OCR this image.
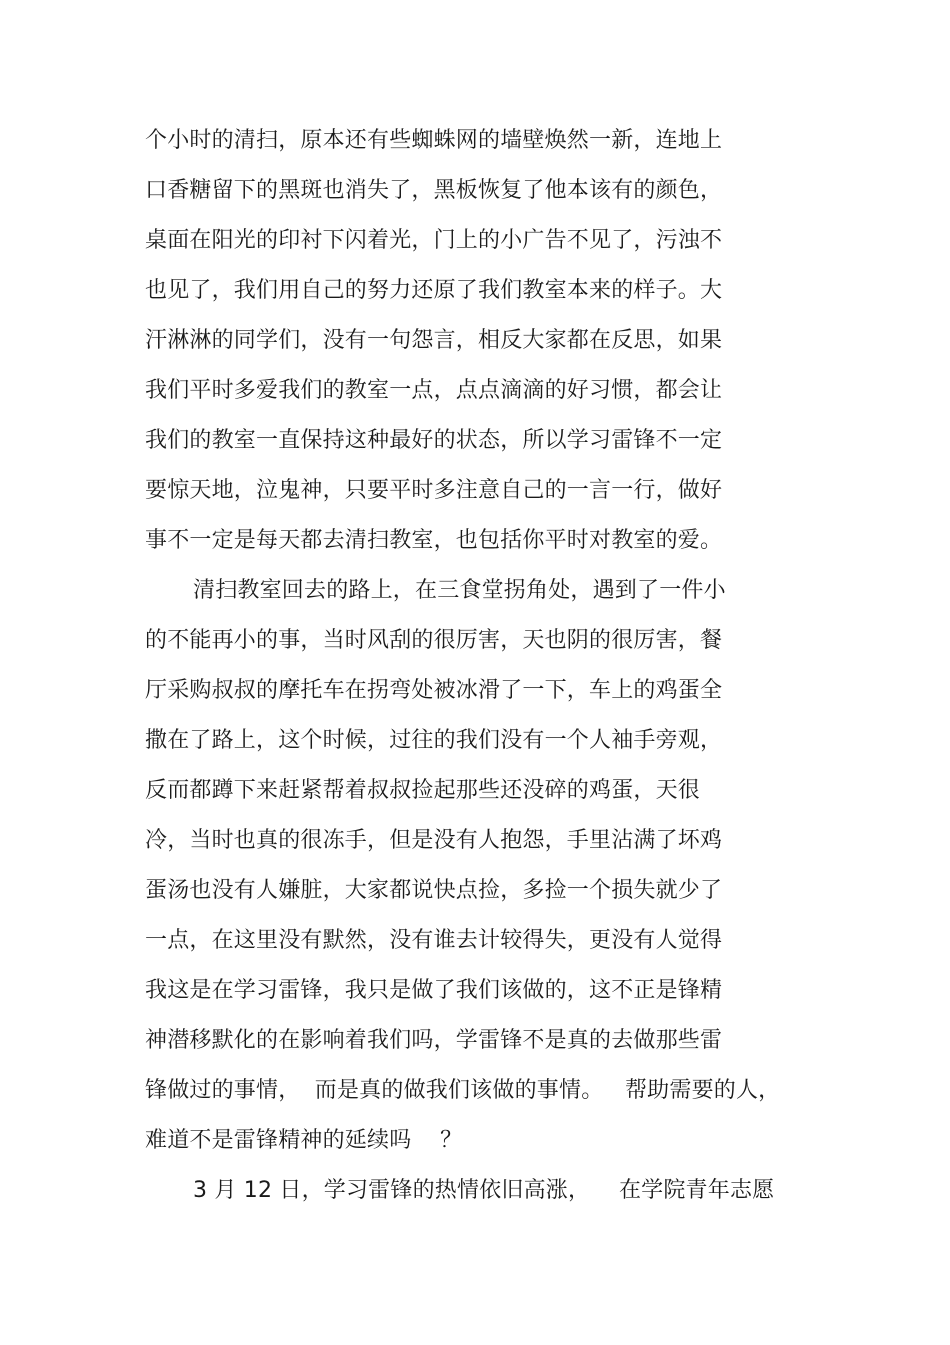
个小时的清扫，原本还有些蜘蛛网的墙壁焕然一新，连地上
口香糖留下的黑斑也消失了，黑板恢复了他本该有的颜色，
桌面在阳光的印衬下闪着光，门上的小广告不见了，污浊不
也见了，我们用自己的努力还原了我们教室本来的样子。大
汗淋淋的同学们，没有一句怨言，相反大家都在反思，如果
我们平时多爱我们的教室一点，点点滴滴的好习惯，都会让
我们的教室一直保持这种最好的状态，所以学习雷锋不一定
要惊天地，泣鬼神，只要平时多注意自己的一言一行，做好
事不一定是每天都去清扫教室，也包括你平时对教室的爱。
清扫教室回去的路上，在三食堂拐角处，遇到了一件小
的不能再小的事，当时风刮的很厉害，天也阴的很厉害，餐
厅采购叔叔的摩托车在拐弯处被冰滑了一下，车上的鸡蛋全
撒在了路上，这个时候，过往的我们没有一个人袖手旁观，
反而都蹲下来赶紧帮着叔叔捡起那些还没碎的鸡蛋，天很
冷，当时也真的很冻手，但是没有人抱怨，手里沾满了坏鸡
蛋汤也没有人嫌脏，大家都说快点捡，多捡一个损失就少了
一点，在这里没有默然，没有谁去计较得失，更没有人觉得
我这是在学习雷锋，我只是做了我们该做的，这不正是锋精
神潜移默化的在影响着我们吗，学雷锋不是真的去做那些雷
锋做过的事情，  而是真的做我们该做的事情。   帮助需要的人，
难道不是雷锋精神的延续吗    ？
3 月 12 日，学习雷锋的热情依旧高涨，    在学院青年志愿
